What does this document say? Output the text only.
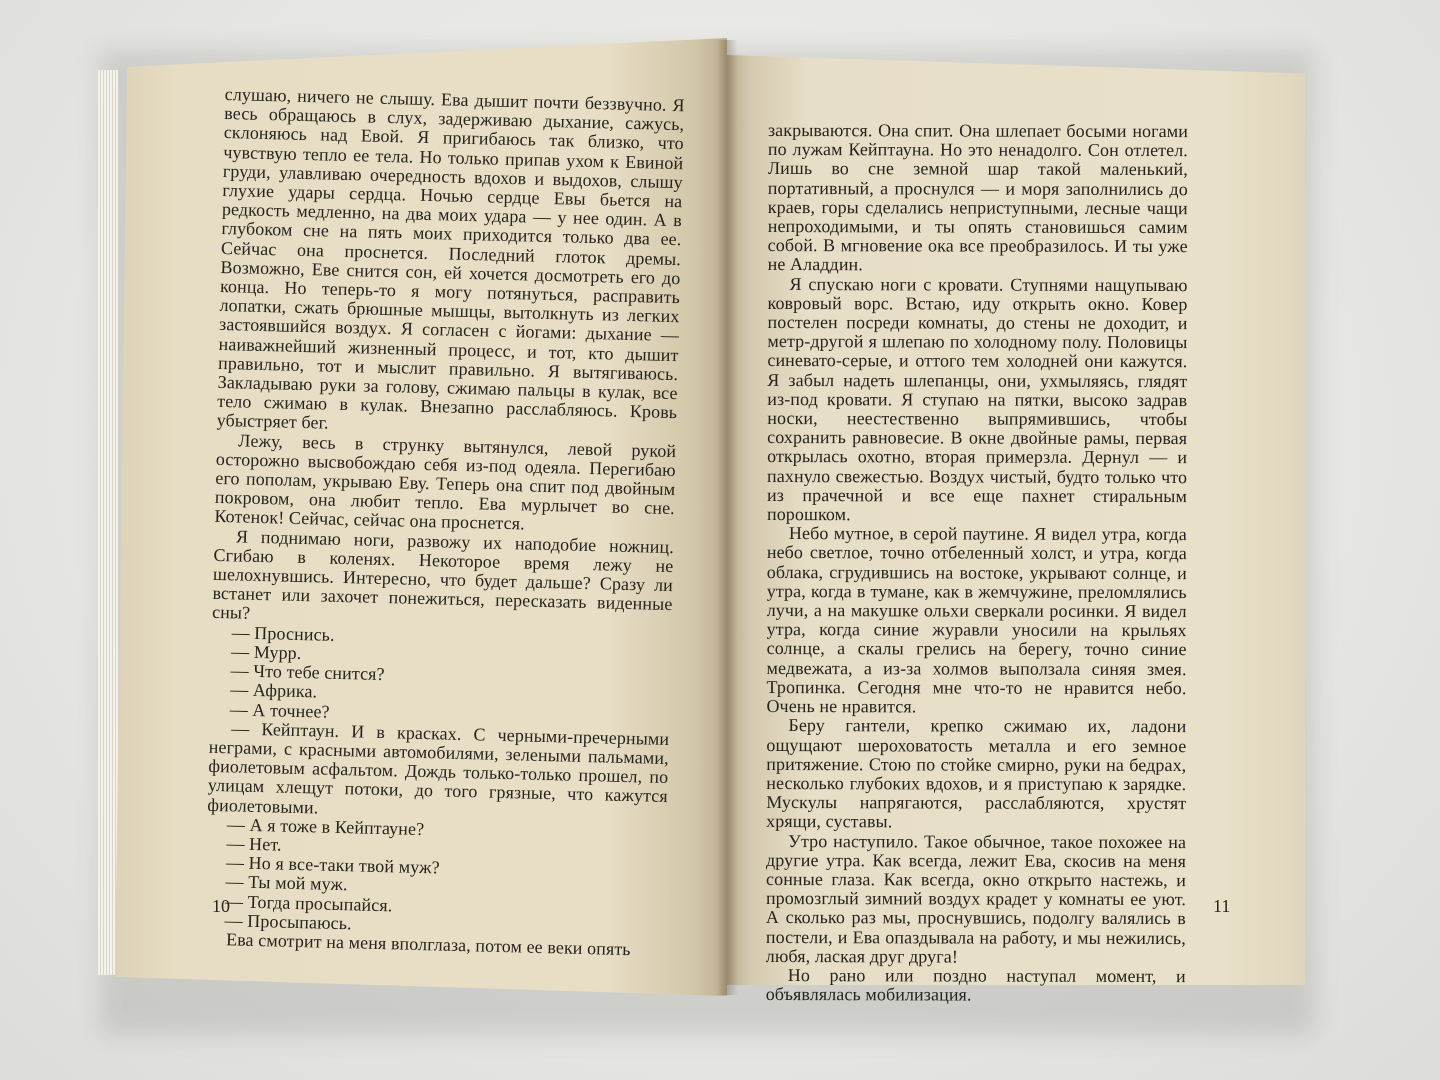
слушаю, ничего не слышу. Ева дышит почти беззвучно. Я весь обращаюсь в слух, задерживаю дыхание, сажусь, склоняюсь над Евой. Я пригибаюсь так близко, что чувствую тепло ее тела. Но только припав ухом к Евиной груди, улавливаю очередность вдохов и выдохов, слышу глухие удары сердца. Ночью сердце Евы бьется на редкость медленно, на два моих удара — у нее один. А в глубоком сне на пять моих приходится только два ее. Сейчас она проснется. Последний глоток дремы. Возможно, Еве снится сон, ей хочется досмотреть его до конца. Но теперь-то я могу потянуться, расправить лопатки, сжать брюшные мышцы, вытолкнуть из легких застоявшийся воздух. Я согласен с йогами: дыхание — наиважнейший жизненный процесс, и тот, кто дышит правильно, тот и мыслит правильно. Я вытягиваюсь. Закладываю руки за голову, сжимаю пальцы в кулак, все тело сжимаю в кулак. Внезапно расслабляюсь. Кровь убыстряет бег.

Лежу, весь в струнку вытянулся, левой рукой осторожно высвобождаю себя из-под одеяла. Перегибаю его пополам, укрываю Еву. Теперь она спит под двойным покровом, она любит тепло. Ева мурлычет во сне. Котенок! Сейчас, сейчас она проснется.

Я поднимаю ноги, развожу их наподобие ножниц. Сгибаю в коленях. Некоторое время лежу не шелохнувшись. Интересно, что будет дальше? Сразу ли встанет или захочет понежиться, пересказать виденные сны?

— Проснись.

— Мурр.

— Что тебе снится?

— Африка.

— А точнее?

— Кейптаун. И в красках. С черными-пречерными неграми, с красными автомобилями, зелеными пальмами, фиолетовым асфальтом. Дождь только-только прошел, по улицам хлещут потоки, до того грязные, что кажутся фиолетовыми.

— А я тоже в Кейптауне?

— Нет.

— Но я все-таки твой муж?

— Ты мой муж.

— Тогда просыпайся.

— Просыпаюсь.

Ева смотрит на меня вполглаза, потом ее веки опять

закрываются. Она спит. Она шлепает босыми ногами по лужам Кейптауна. Но это ненадолго. Сон отлетел. Лишь во сне земной шар такой маленький, портативный, а проснулся — и моря заполнились до краев, горы сделались неприступными, лесные чащи непроходимыми, и ты опять становишься самим собой. В мгновение ока все преобразилось. И ты уже не Аладдин.

Я спускаю ноги с кровати. Ступнями нащупываю ковровый ворс. Встаю, иду открыть окно. Ковер постелен посреди комнаты, до стены не доходит, и метр-другой я шлепаю по холодному полу. Половицы синевато-серые, и оттого тем холодней они кажутся. Я забыл надеть шлепанцы, они, ухмыляясь, глядят из-под кровати. Я ступаю на пятки, высоко задрав носки, неестественно выпрямившись, чтобы сохранить равновесие. В окне двойные рамы, первая открылась охотно, вторая примерзла. Дернул — и пахнуло свежестью. Воздух чистый, будто только что из прачечной и все еще пахнет стиральным порошком.

Небо мутное, в серой паутине. Я видел утра, когда небо светлое, точно отбеленный холст, и утра, когда облака, сгрудившись на востоке, укрывают солнце, и утра, когда в тумане, как в жемчужине, преломлялись лучи, а на макушке ольхи сверкали росинки. Я видел утра, когда синие журавли уносили на крыльях солнце, а скалы грелись на берегу, точно синие медвежата, а из-за холмов выползала синяя змея. Тропинка. Сегодня мне что-то не нравится небо. Очень не нравится.

Беру гантели, крепко сжимаю их, ладони ощущают шероховатость металла и его земное притяжение. Стою по стойке смирно, руки на бедрах, несколько глубоких вдохов, и я приступаю к зарядке. Мускулы напрягаются, расслабляются, хрустят хрящи, суставы.

Утро наступило. Такое обычное, такое похожее на другие утра. Как всегда, лежит Ева, скосив на меня сонные глаза. Как всегда, окно открыто настежь, и промозглый зимний воздух крадет у комнаты ее уют. А сколько раз мы, проснувшись, подолгу валялись в постели, и Ева опаздывала на работу, и мы нежились, любя, лаская друг друга!

Но рано или поздно наступал момент, и объявлялась мобилизация.

10	11
